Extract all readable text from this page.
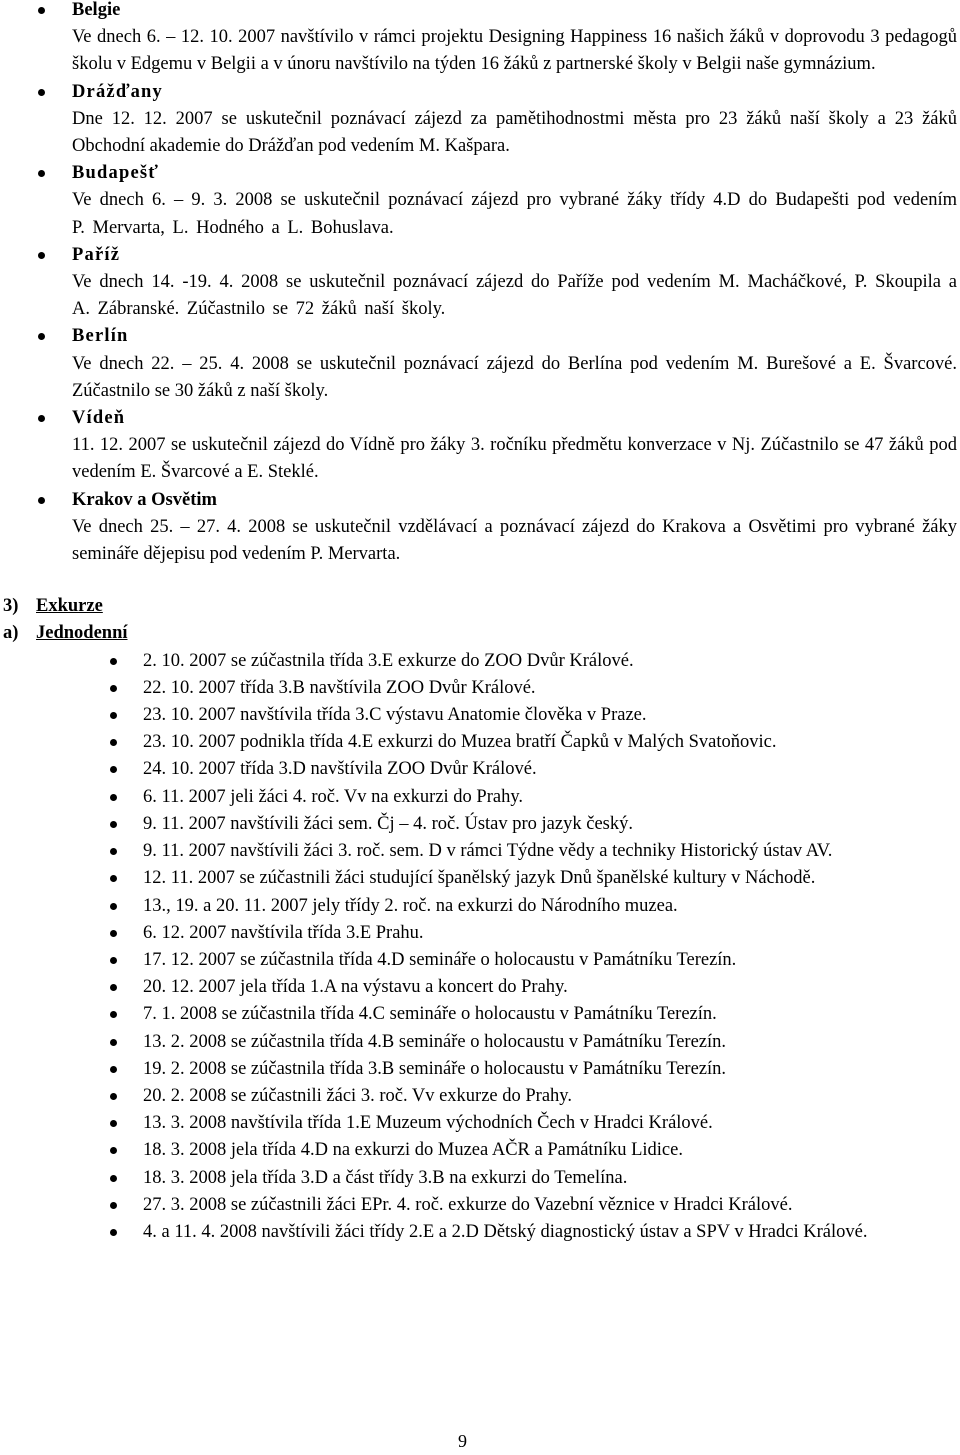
Belgie
Ve dnech 6. – 12. 10. 2007 navštívilo v rámci projektu Designing Happiness 16 našich žáků v doprovodu 3 pedagogů školu v Edgemu v Belgii a v únoru navštívilo na týden 16 žáků z partnerské školy v Belgii naše gymnázium.
Drážďany
Dne 12. 12. 2007 se uskutečnil poznávací zájezd za pamětihodnostmi města pro 23 žáků naší školy a 23 žáků Obchodní akademie do Drážďan pod vedením M. Kašpara.
Budapešť
Ve dnech 6. – 9. 3. 2008 se uskutečnil poznávací zájezd pro vybrané žáky třídy 4.D do Budapešti pod vedením P. Mervarta, L. Hodného a L. Bohuslava.
Paříž
Ve dnech 14. -19. 4. 2008 se uskutečnil poznávací zájezd do Paříže pod vedením M. Macháčkové, P. Skoupila a A. Zábranské. Zúčastnilo se 72 žáků naší školy.
Berlín
Ve dnech 22. – 25. 4. 2008 se uskutečnil poznávací zájezd do Berlína pod vedením M. Burešové a E. Švarcové. Zúčastnilo se 30 žáků z naší školy.
Vídeň
11. 12. 2007 se uskutečnil zájezd do Vídně pro žáky 3. ročníku předmětu konverzace v Nj. Zúčastnilo se 47 žáků pod vedením E. Švarcové a E. Steklé.
Krakov a Osvětim
Ve dnech 25. – 27. 4. 2008 se uskutečnil vzdělávací a poznávací zájezd do Krakova a Osvětimi pro vybrané žáky semináře dějepisu pod vedením P. Mervarta.
3) Exkurze
a) Jednodenní
2. 10. 2007 se zúčastnila třída 3.E exkurze do ZOO Dvůr Králové.
22. 10. 2007 třída 3.B navštívila ZOO Dvůr Králové.
23. 10. 2007 navštívila třída 3.C výstavu Anatomie člověka v Praze.
23. 10. 2007 podnikla třída 4.E exkurzi do Muzea bratří Čapků v Malých Svatoňovic.
24. 10. 2007 třída 3.D navštívila ZOO Dvůr Králové.
6. 11. 2007 jeli žáci 4. roč. Vv na exkurzi do Prahy.
9. 11. 2007 navštívili žáci sem. Čj – 4. roč. Ústav pro jazyk český.
9. 11. 2007 navštívili žáci 3. roč. sem. D v rámci Týdne vědy a techniky Historický ústav AV.
12. 11. 2007 se zúčastnili žáci studující španělský jazyk Dnů španělské kultury v Náchodě.
13., 19. a 20. 11. 2007 jely třídy 2. roč. na exkurzi do Národního muzea.
6. 12. 2007 navštívila třída 3.E Prahu.
17. 12. 2007 se zúčastnila třída 4.D semináře o holocaustu v Památníku Terezín.
20. 12. 2007 jela třída 1.A na výstavu a koncert do Prahy.
7. 1. 2008 se zúčastnila třída 4.C semináře o holocaustu v Památníku Terezín.
13. 2. 2008 se zúčastnila třída 4.B semináře o holocaustu v Památníku Terezín.
19. 2. 2008 se zúčastnila třída 3.B semináře o holocaustu v Památníku Terezín.
20. 2. 2008 se zúčastnili žáci 3. roč. Vv exkurze do Prahy.
13. 3. 2008 navštívila třída 1.E Muzeum východních Čech v Hradci Králové.
18. 3. 2008 jela třída 4.D na exkurzi do Muzea AČR a Památníku Lidice.
18. 3. 2008 jela třída 3.D a část třídy 3.B na exkurzi do Temelína.
27. 3. 2008 se zúčastnili žáci EPr. 4. roč. exkurze do Vazební věznice v Hradci Králové.
4. a 11. 4. 2008 navštívili žáci třídy 2.E a 2.D Dětský diagnostický ústav a SPV v Hradci Králové.
9
